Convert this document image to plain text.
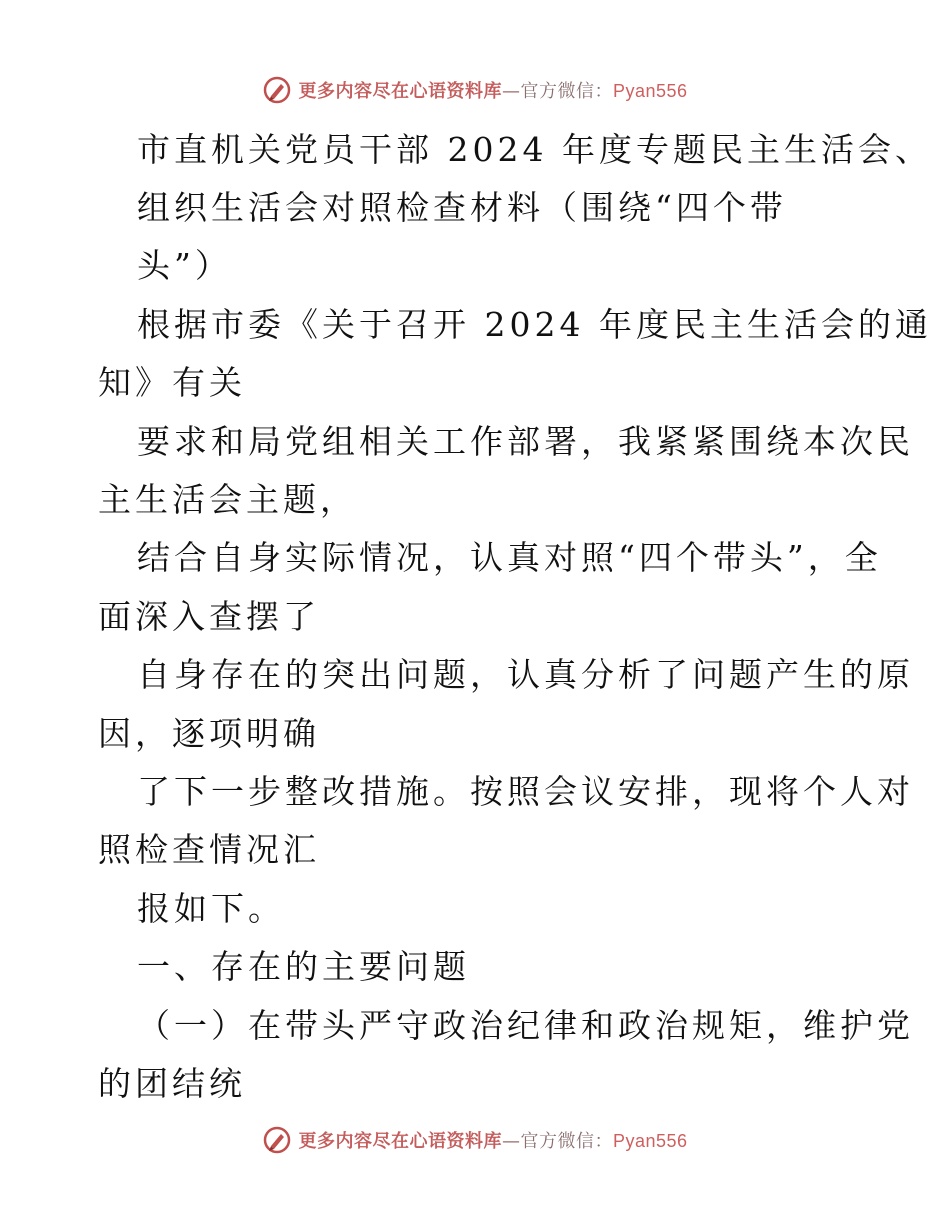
更多内容尽在心语资料库—官方微信：Pyan556
市直机关党员干部 2024 年度专题民主生活会、
组织生活会对照检查材料（围绕“四个带
头”）
根据市委《关于召开 2024 年度民主生活会的通
知》有关
要求和局党组相关工作部署，我紧紧围绕本次民
主生活会主题，
结合自身实际情况，认真对照“四个带头”，全
面深入查摆了
自身存在的突出问题，认真分析了问题产生的原
因，逐项明确
了下一步整改措施。按照会议安排，现将个人对
照检查情况汇
报如下。
一、存在的主要问题
（一）在带头严守政治纪律和政治规矩，维护党
的团结统
更多内容尽在心语资料库—官方微信：Pyan556
